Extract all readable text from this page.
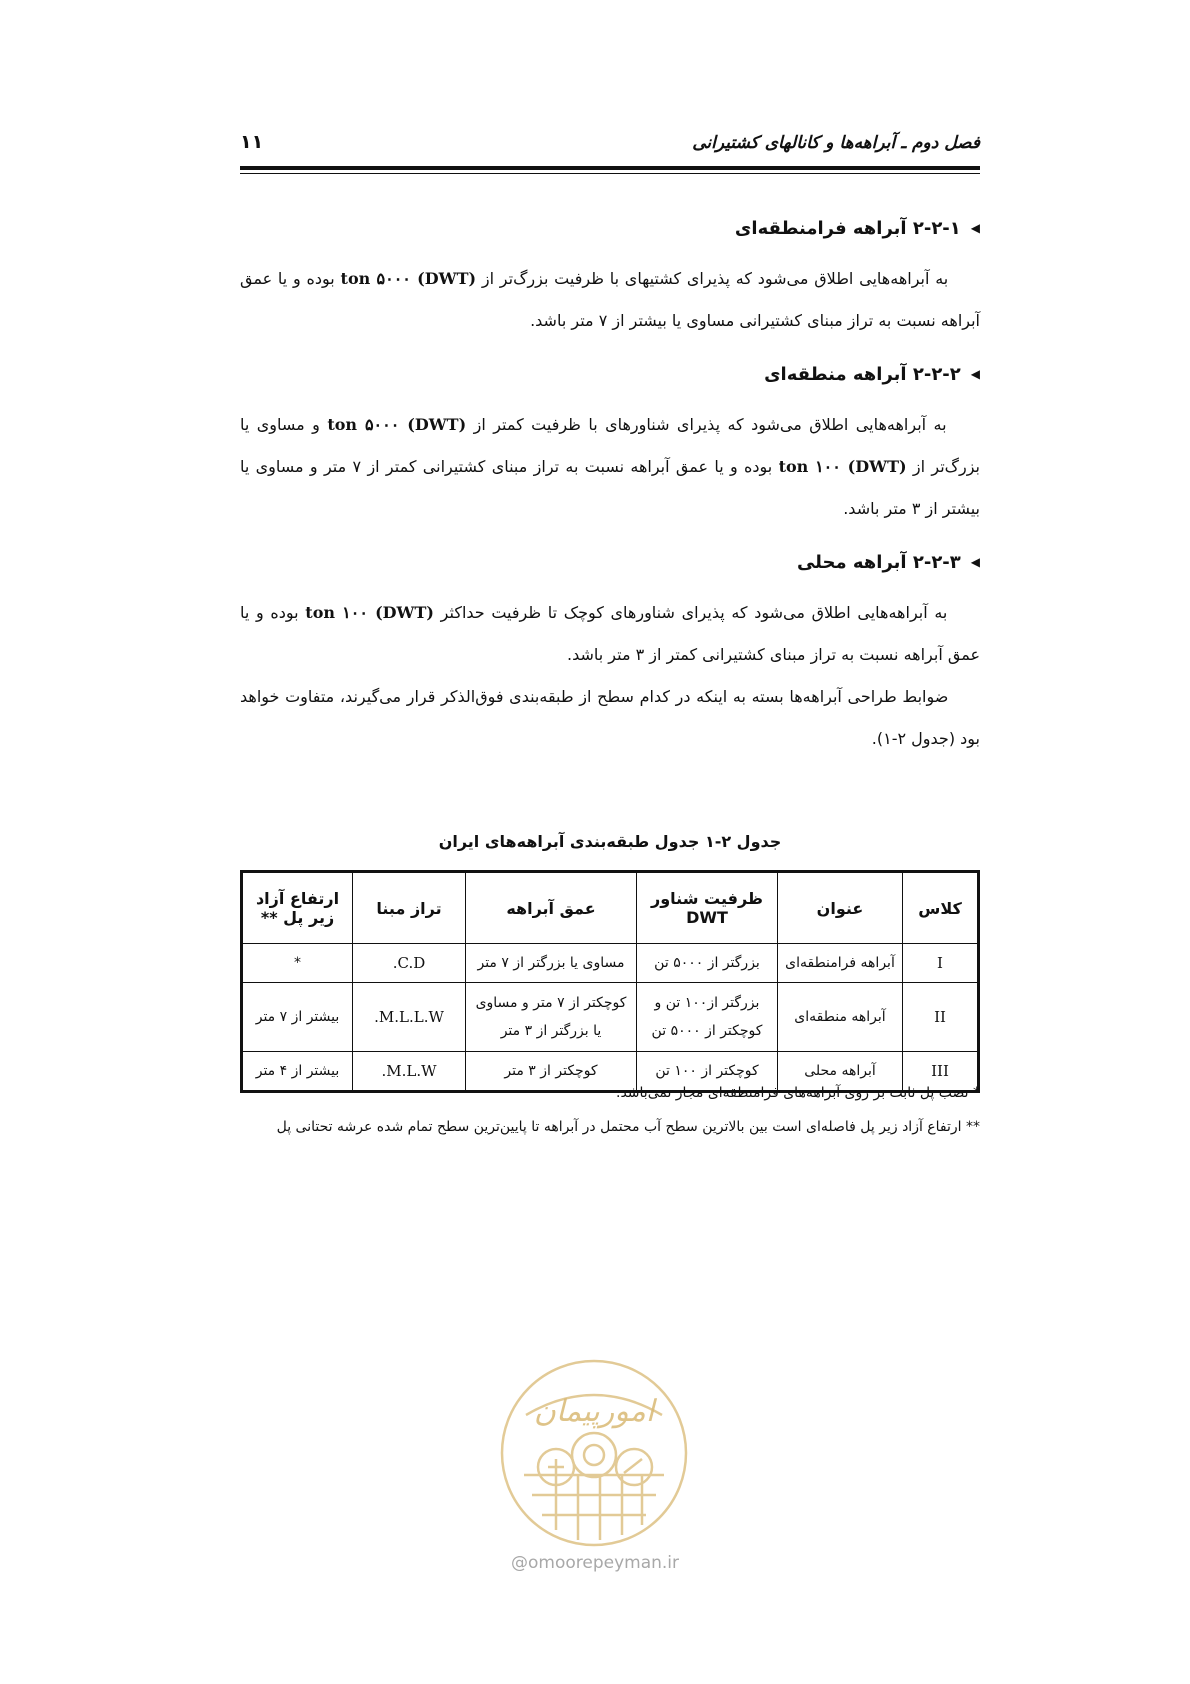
فصل دوم ـ آبراهه‌ها و کانالهای کشتیرانی
۱۱
◀
۲-۲-۱ آبراهه فرامنطقه‌ای

به آبراهه‌هایی اطلاق می‌شود که پذیرای کشتیهای با ظرفیت بزرگ‌تر از (DWT) ton ۵۰۰۰ بوده و یا عمق آبراهه نسبت به تراز مبنای کشتیرانی مساوی یا بیشتر از ۷ متر باشد.

◀
۲-۲-۲ آبراهه منطقه‌ای

به آبراهه‌هایی اطلاق می‌شود که پذیرای شناورهای با ظرفیت کمتر از (DWT) ton ۵۰۰۰ و مساوی یا بزرگ‌تر از (DWT) ton ۱۰۰ بوده و یا عمق آبراهه نسبت به تراز مبنای کشتیرانی کمتر از ۷ متر و مساوی یا بیشتر از ۳ متر باشد.

◀
۲-۲-۳ آبراهه محلی

به آبراهه‌هایی اطلاق می‌شود که پذیرای شناورهای کوچک تا ظرفیت حداکثر (DWT) ton ۱۰۰ بوده و یا عمق آبراهه نسبت به تراز مبنای کشتیرانی کمتر از ۳ متر باشد.

ضوابط طراحی آبراهه‌ها بسته به اینکه در کدام سطح از طبقه‌بندی فوق‌الذکر قرار می‌گیرند، متفاوت خواهد بود (جدول ۲-۱).

جدول ۲-۱ جدول طبقه‌بندی آبراهه‌های ایران
کلاس	عنوان	ظرفیت شناور DWT	عمق آبراهه	تراز مبنا	ارتفاع آزاد زیر پل **
I	آبراهه فرامنطقه‌ای	بزرگتر از ۵۰۰۰ تن	مساوی یا بزرگتر از ۷ متر	C.D.	*
II	آبراهه منطقه‌ای	بزرگتر از۱۰۰ تن و کوچکتر از ۵۰۰۰ تن	کوچکتر از ۷ متر و مساوی یا بزرگتر از ۳ متر	M.L.L.W.	بیشتر از ۷ متر
III	آبراهه محلی	کوچکتر از ۱۰۰ تن	کوچکتر از ۳ متر	M.L.W.	بیشتر از ۴ متر

* نصب پل ثابت بر روی آبراهه‌های فرامنطقه‌ای مجاز نمی‌باشد.

** ارتفاع آزاد زیر پل فاصله‌ای است بین بالاترین سطح آب محتمل در آبراهه تا پایین‌ترین سطح تمام شده عرشه تحتانی پل

امورپیمان
@omoorepeyman.ir
